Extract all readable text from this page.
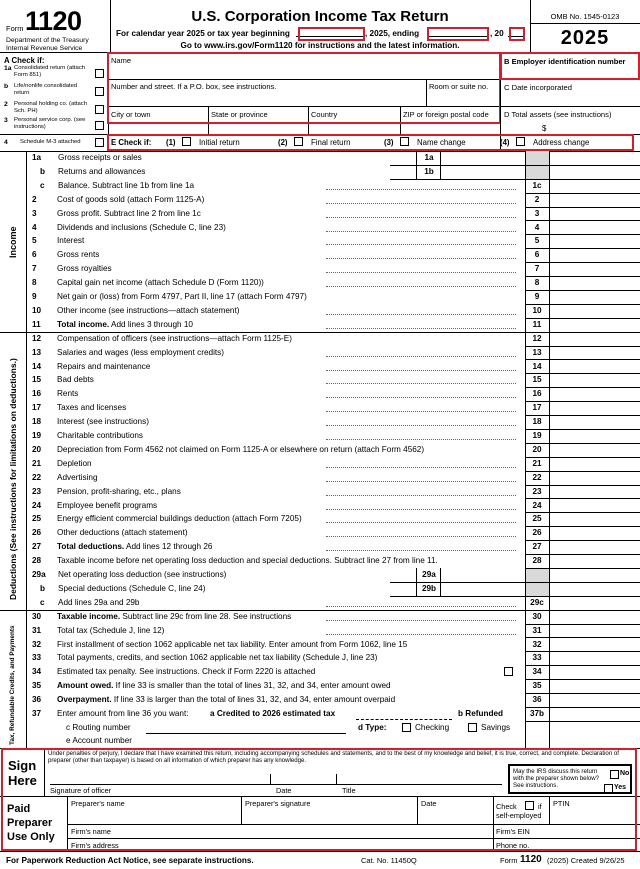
Form 1120
Department of the Treasury
Internal Revenue Service
U.S. Corporation Income Tax Return
For calendar year 2025 or tax year beginning	, 2025, ending	, 20
Go to www.irs.gov/Form1120 for instructions and the latest information.
OMB No. 1545-0123
2025
A Check if:
1a Consolidated return (attach Form 851)
b Life/nonlife consolidated return
2 Personal holding co. (attach Sch. PH)
3 Personal service corp. (see instructions)
4 Schedule M-3 attached
Name
Number and street. If a P.O. box, see instructions.	Room or suite no.
City or town	State or province	Country	ZIP or foreign postal code
B Employer identification number
C Date incorporated
D Total assets (see instructions)
$
E Check if: (1)	Initial return	(2)	Final return	(3)	Name change	(4)	Address change
1a Gross receipts or sales	1a
b Returns and allowances	1b
c Balance. Subtract line 1b from line 1a	1c
2 Cost of goods sold (attach Form 1125-A)	2
3 Gross profit. Subtract line 2 from line 1c	3
4 Dividends and inclusions (Schedule C, line 23)	4
5 Interest	5
6 Gross rents	6
7 Gross royalties	7
8 Capital gain net income (attach Schedule D (Form 1120))	8
9 Net gain or (loss) from Form 4797, Part II, line 17 (attach Form 4797)	9
10 Other income (see instructions—attach statement)	10
11 Total income. Add lines 3 through 10	11
12 Compensation of officers (see instructions—attach Form 1125-E)	12
13 Salaries and wages (less employment credits)	13
14 Repairs and maintenance	14
15 Bad debts	15
16 Rents	16
17 Taxes and licenses	17
18 Interest (see instructions)	18
19 Charitable contributions	19
20 Depreciation from Form 4562 not claimed on Form 1125-A or elsewhere on return (attach Form 4562)	20
21 Depletion	21
22 Advertising	22
23 Pension, profit-sharing, etc., plans	23
24 Employee benefit programs	24
25 Energy efficient commercial buildings deduction (attach Form 7205)	25
26 Other deductions (attach statement)	26
27 Total deductions. Add lines 12 through 26	27
28 Taxable income before net operating loss deduction and special deductions. Subtract line 27 from line 11.	28
29a Net operating loss deduction (see instructions)	29a
b Special deductions (Schedule C, line 24)	29b
c Add lines 29a and 29b	29c
30 Taxable income. Subtract line 29c from line 28. See instructions	30
31 Total tax (Schedule J, line 12)	31
32 First installment of section 1062 applicable net tax liability. Enter amount from Form 1062, line 15	32
33 Total payments, credits, and section 1062 applicable net tax liability (Schedule J, line 23)	33
34 Estimated tax penalty. See instructions. Check if Form 2220 is attached	34
35 Amount owed. If line 33 is smaller than the total of lines 31, 32, and 34, enter amount owed	35
36 Overpayment. If line 33 is larger than the total of lines 31, 32, and 34, enter amount overpaid	36
37 Enter amount from line 36 you want:	37b
a Credited to 2026 estimated tax	b Refunded
c Routing number	d Type:	Checking	Savings
e Account number
Income
Deductions (See instructions for limitations on deductions.)
Tax, Refundable Credits, and Payments
Sign
Here
Under penalties of perjury, I declare that I have examined this return, including accompanying schedules and statements, and to the best of my knowledge and belief, it is true, correct, and complete. Declaration of preparer (other than taxpayer) is based on all information of which preparer has any knowledge.
Signature of officer	Date	Title
May the IRS discuss this return with the preparer shown below? See instructions.	Yes
No
Paid
Preparer
Use Only
Preparer's name	Preparer's signature	Date	Check	if
self-employed
PTIN
Firm's name	Firm's EIN
Firm's address	Phone no.
For Paperwork Reduction Act Notice, see separate instructions.	Cat. No. 11450Q	Form 1120 (2025) Created 9/26/25
